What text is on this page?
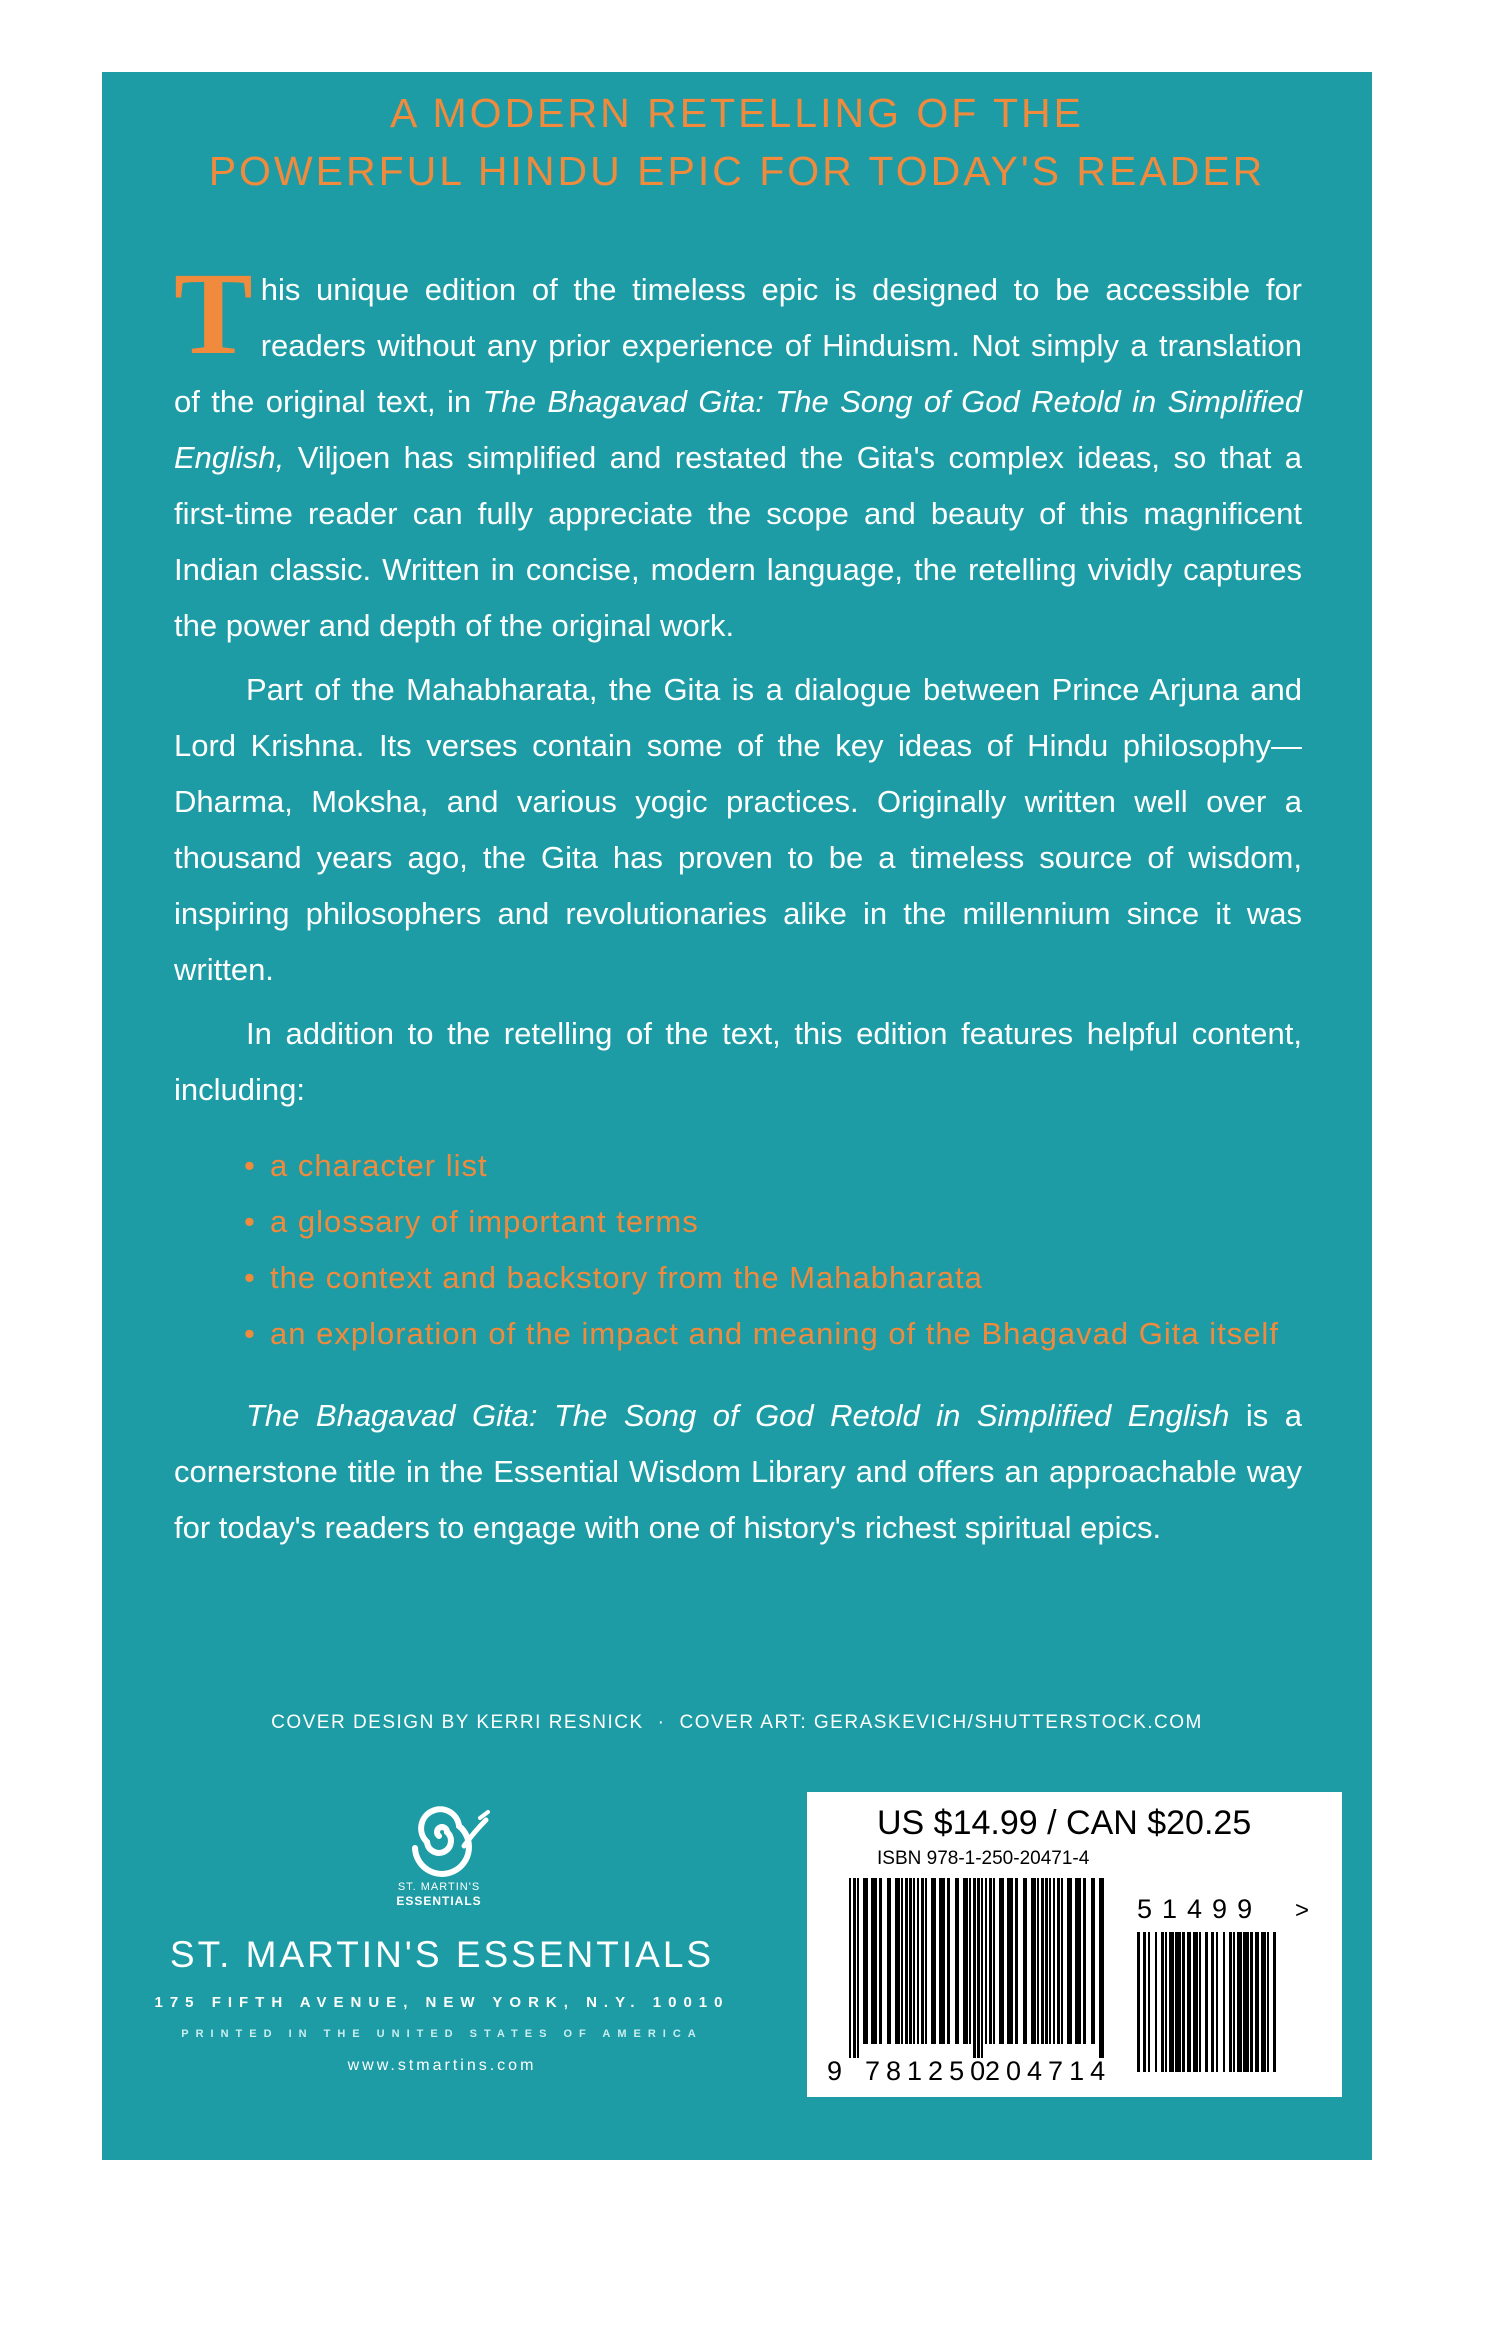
A MODERN RETELLING OF THE
POWERFUL HINDU EPIC FOR TODAY'S READER

This unique edition of the timeless epic is designed to be accessible for readers without any prior experience of Hinduism. Not simply a translation of the original text, in The Bhagavad Gita: The Song of God Retold in Simplified English, Viljoen has simplified and restated the Gita's complex ideas, so that a first-time reader can fully appreciate the scope and beauty of this magnificent Indian classic. Written in concise, modern language, the retelling vividly captures the power and depth of the original work.

Part of the Mahabharata, the Gita is a dialogue between Prince Arjuna and Lord Krishna. Its verses contain some of the key ideas of Hindu philosophy—Dharma, Moksha, and various yogic practices. Originally written well over a thousand years ago, the Gita has proven to be a timeless source of wisdom, inspiring philosophers and revolutionaries alike in the millennium since it was written.

In addition to the retelling of the text, this edition features helpful content, including:

• a character list
• a glossary of important terms
• the context and backstory from the Mahabharata
• an exploration of the impact and meaning of the Bhagavad Gita itself

The Bhagavad Gita: The Song of God Retold in Simplified English is a cornerstone title in the Essential Wisdom Library and offers an approachable way for today's readers to engage with one of history's richest spiritual epics.

COVER DESIGN BY KERRI RESNICK · COVER ART: GERASKEVICH/SHUTTERSTOCK.COM
ST. MARTIN'S
ESSENTIALS
ST. MARTIN'S ESSENTIALS
175 FIFTH AVENUE, NEW YORK, N.Y. 10010
PRINTED IN THE UNITED STATES OF AMERICA
www.stmartins.com
US $14.99 / CAN $20.25
ISBN 978-1-250-20471-4
51499 >
9 781250
204714
